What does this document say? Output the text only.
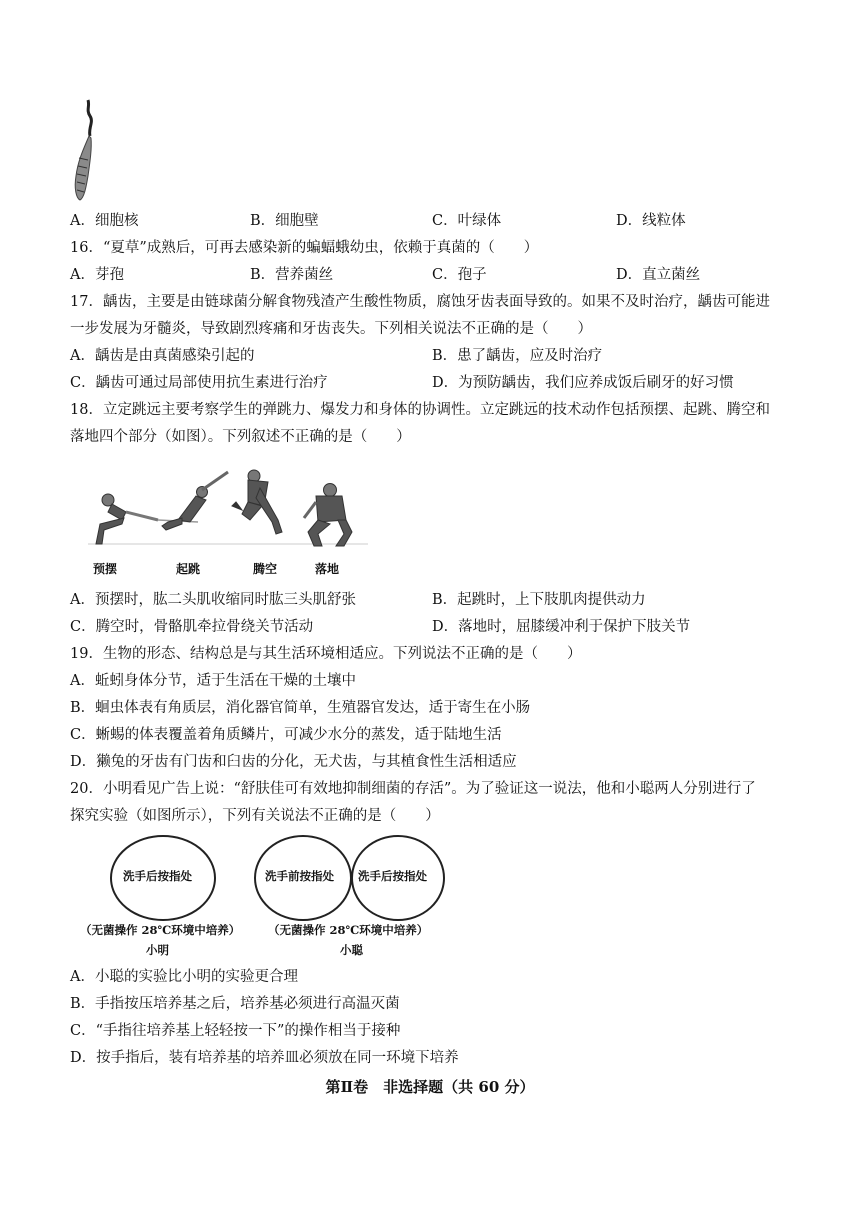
A．细胞核	B．细胞壁	C．叶绿体	D．线粒体
16．“夏草”成熟后，可再去感染新的蝙蝠蛾幼虫，依赖于真菌的（　　）
A．芽孢	B．营养菌丝	C．孢子	D．直立菌丝
17．龋齿，主要是由链球菌分解食物残渣产生酸性物质，腐蚀牙齿表面导致的。如果不及时治疗，龋齿可能进
一步发展为牙髓炎，导致剧烈疼痛和牙齿丧失。下列相关说法不正确的是（　　）
A．龋齿是由真菌感染引起的	B．患了龋齿，应及时治疗
C．龋齿可通过局部使用抗生素进行治疗	D．为预防龋齿，我们应养成饭后刷牙的好习惯
18．立定跳远主要考察学生的弹跳力、爆发力和身体的协调性。立定跳远的技术动作包括预摆、起跳、腾空和
落地四个部分（如图）。下列叙述不正确的是（　　）
预摆	起跳	腾空	落地
A．预摆时，肱二头肌收缩同时肱三头肌舒张	B．起跳时，上下肢肌肉提供动力
C．腾空时，骨骼肌牵拉骨绕关节活动	D．落地时，屈膝缓冲利于保护下肢关节
19．生物的形态、结构总是与其生活环境相适应。下列说法不正确的是（　　）
A．蚯蚓身体分节，适于生活在干燥的土壤中
B．蛔虫体表有角质层，消化器官简单，生殖器官发达，适于寄生在小肠
C．蜥蜴的体表覆盖着角质鳞片，可减少水分的蒸发，适于陆地生活
D．獭兔的牙齿有门齿和臼齿的分化，无犬齿，与其植食性生活相适应
20．小明看见广告上说：“舒肤佳可有效地抑制细菌的存活”。为了验证这一说法，他和小聪两人分别进行了
探究实验（如图所示），下列有关说法不正确的是（　　）
洗手后按指处	洗手前按指处 洗手后按指处
（无菌操作 28℃环境中培养）
小明
（无菌操作 28℃环境中培养）
小聪
A．小聪的实验比小明的实验更合理
B．手指按压培养基之后，培养基必须进行高温灭菌
C．“手指往培养基上轻轻按一下”的操作相当于接种
D．按手指后，装有培养基的培养皿必须放在同一环境下培养
第Ⅱ卷　非选择题（共 60 分）
